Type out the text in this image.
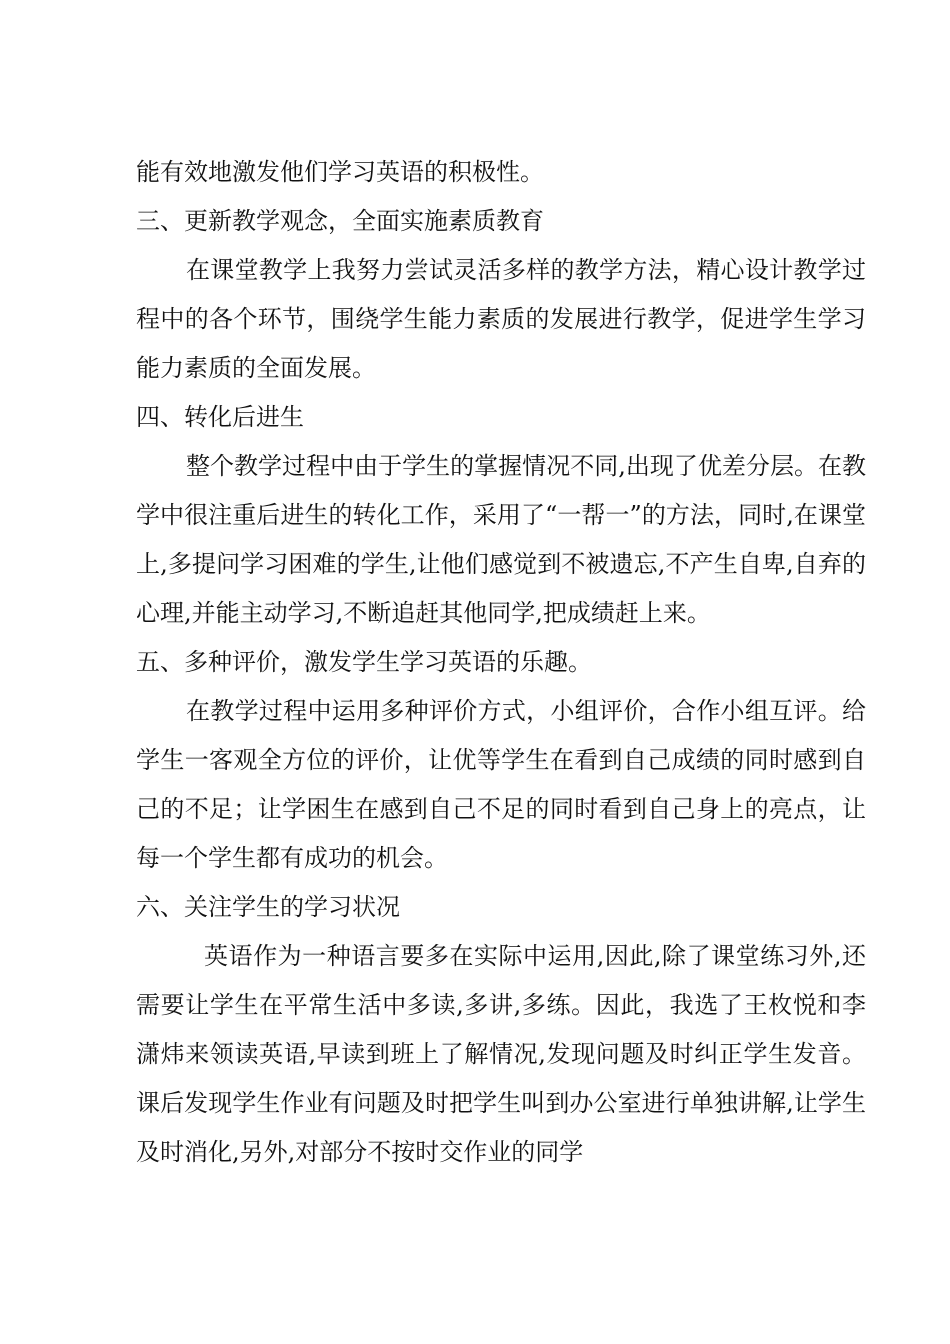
能有效地激发他们学习英语的积极性。

三、更新教学观念，全面实施素质教育

在课堂教学上我努力尝试灵活多样的教学方法，精心设计教学过程中的各个环节，围绕学生能力素质的发展进行教学，促进学生学习能力素质的全面发展。

四、转化后进生

整个教学过程中由于学生的掌握情况不同,出现了优差分层。在教学中很注重后进生的转化工作，采用了“一帮一”的方法，同时,在课堂上,多提问学习困难的学生,让他们感觉到不被遗忘,不产生自卑,自弃的心理,并能主动学习,不断追赶其他同学,把成绩赶上来。

五、多种评价，激发学生学习英语的乐趣。

在教学过程中运用多种评价方式，小组评价，合作小组互评。给学生一客观全方位的评价，让优等学生在看到自己成绩的同时感到自己的不足；让学困生在感到自己不足的同时看到自己身上的亮点，让每一个学生都有成功的机会。

六、关注学生的学习状况

英语作为一种语言要多在实际中运用,因此,除了课堂练习外,还需要让学生在平常生活中多读,多讲,多练。因此，我选了王枚悦和李潇炜来领读英语,早读到班上了解情况,发现问题及时纠正学生发音。课后发现学生作业有问题及时把学生叫到办公室进行单独讲解,让学生及时消化,另外,对部分不按时交作业的同学
